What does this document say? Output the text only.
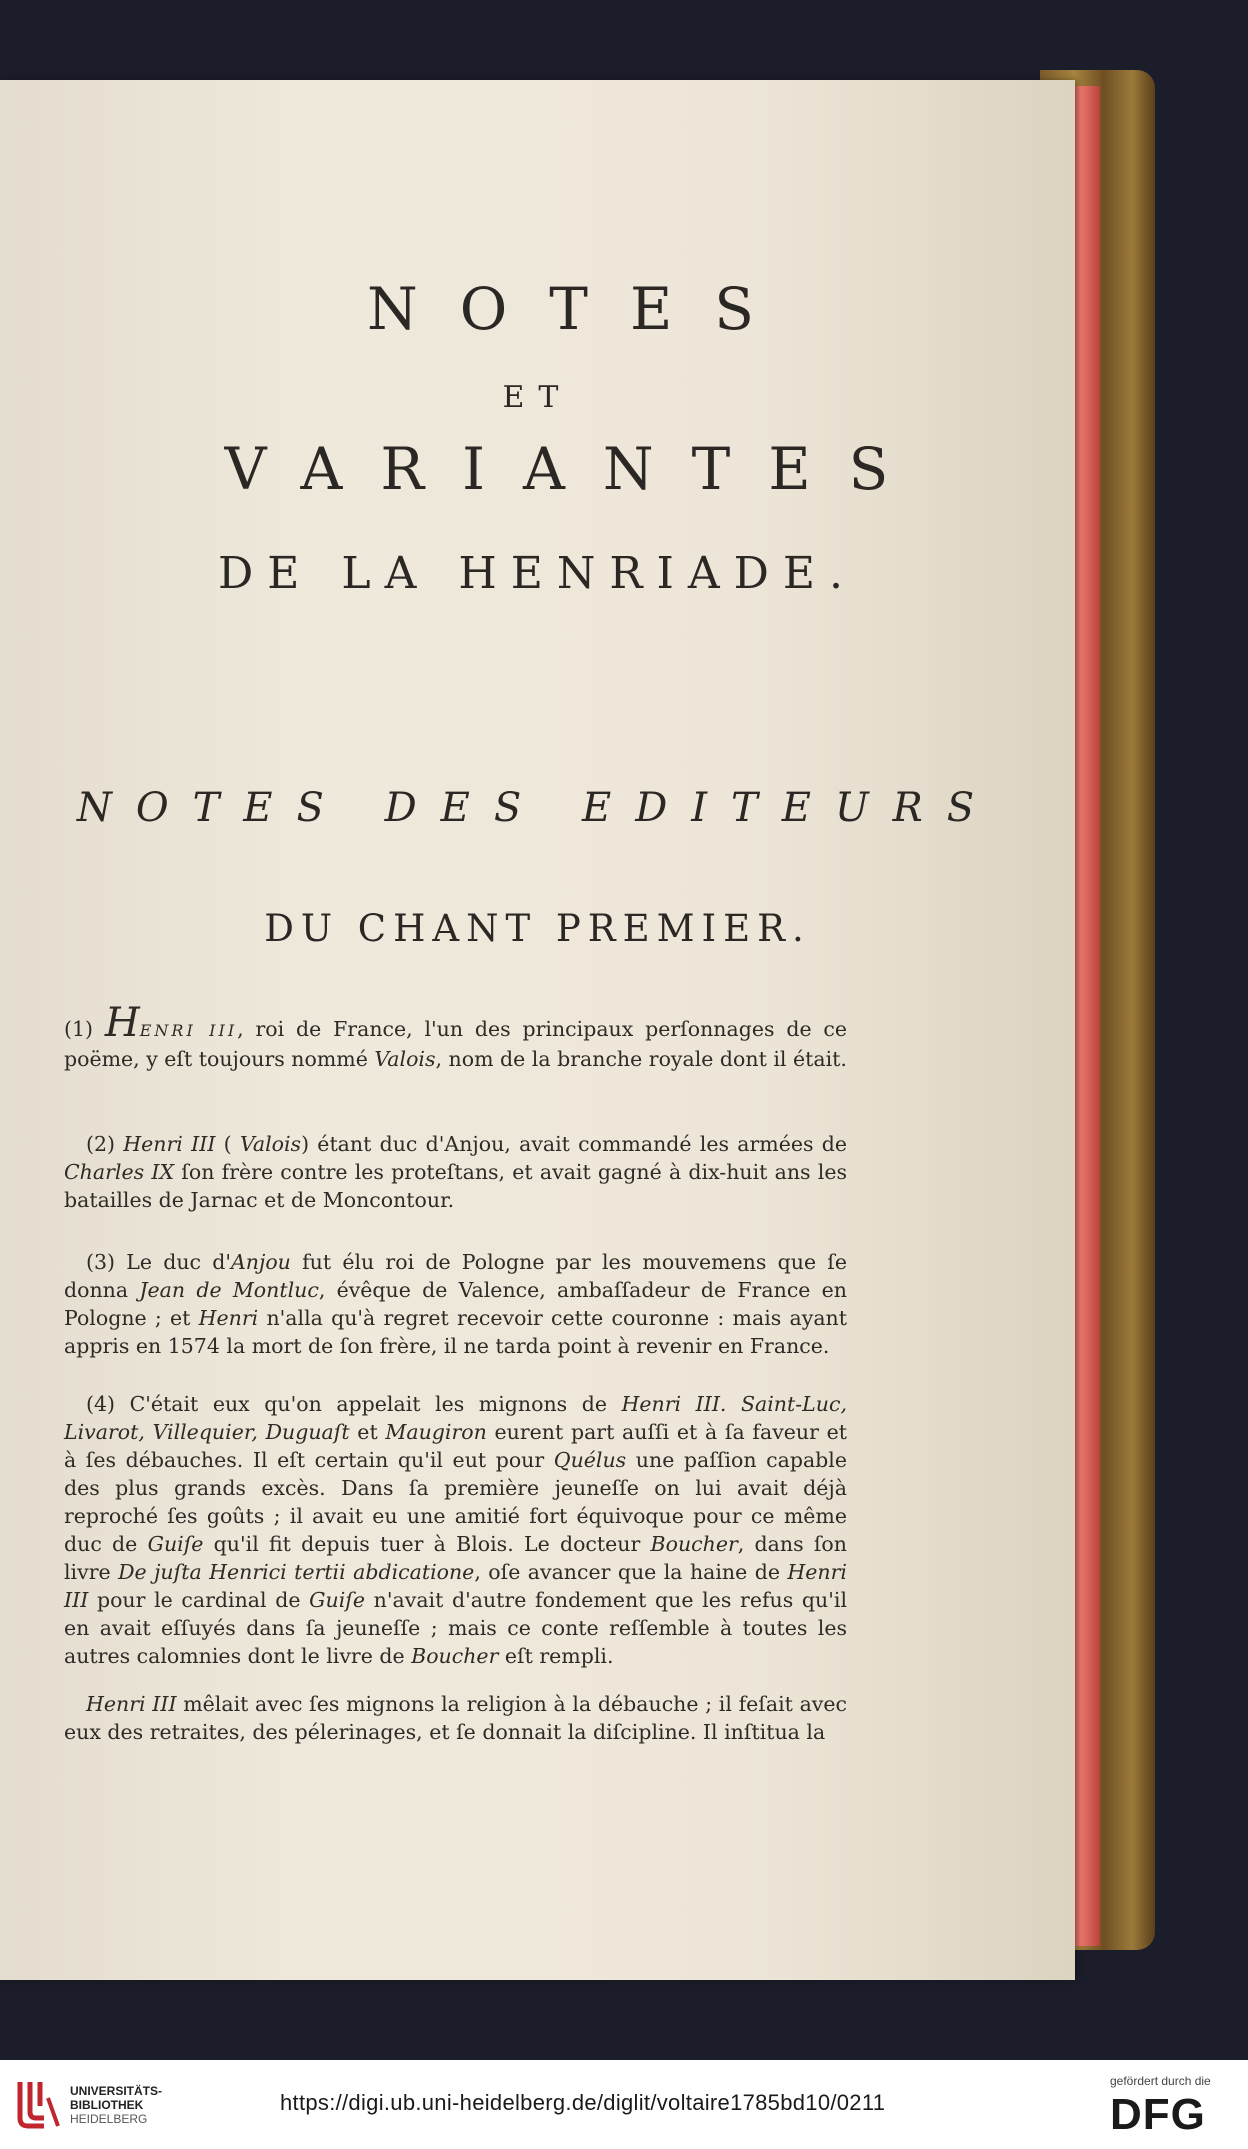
NOTES
ET
VARIANTES
DE LA HENRIADE.
NOTES DES EDITEURS
DU CHANT PREMIER.

(1) HENRI III, roi de France, l'un des principaux perſonnages de ce poëme, y eſt toujours nommé Valois, nom de la branche royale dont il était.

(2) Henri III ( Valois) étant duc d'Anjou, avait commandé les armées de Charles IX ſon frère contre les proteſtans, et avait gagné à dix-huit ans les batailles de Jarnac et de Moncontour.

(3) Le duc d'Anjou fut élu roi de Pologne par les mouvemens que ſe donna Jean de Montluc, évêque de Valence, ambaſſadeur de France en Pologne ; et Henri n'alla qu'à regret recevoir cette couronne : mais ayant appris en 1574 la mort de ſon frère, il ne tarda point à revenir en France.

(4) C'était eux qu'on appelait les mignons de Henri III. Saint-Luc, Livarot, Villequier, Duguaſt et Maugiron eurent part auſſi et à ſa faveur et à ſes débauches. Il eſt certain qu'il eut pour Quélus une paſſion capable des plus grands excès. Dans ſa première jeuneſſe on lui avait déjà reproché ſes goûts ; il avait eu une amitié fort équivoque pour ce même duc de Guiſe qu'il fit depuis tuer à Blois. Le docteur Boucher, dans ſon livre De juſta Henrici tertii abdicatione, oſe avancer que la haine de Henri III pour le cardinal de Guiſe n'avait d'autre fondement que les refus qu'il en avait eſſuyés dans ſa jeuneſſe ; mais ce conte reſſemble à toutes les autres calomnies dont le livre de Boucher eſt rempli.

Henri III mêlait avec ſes mignons la religion à la débauche ; il feſait avec eux des retraites, des pélerinages, et ſe donnait la diſcipline. Il inſtitua la

UNIVERSITÄTS-
BIBLIOTHEK
HEIDELBERG
https://digi.ub.uni-heidelberg.de/diglit/voltaire1785bd10/0211
gefördert durch die
DFG
